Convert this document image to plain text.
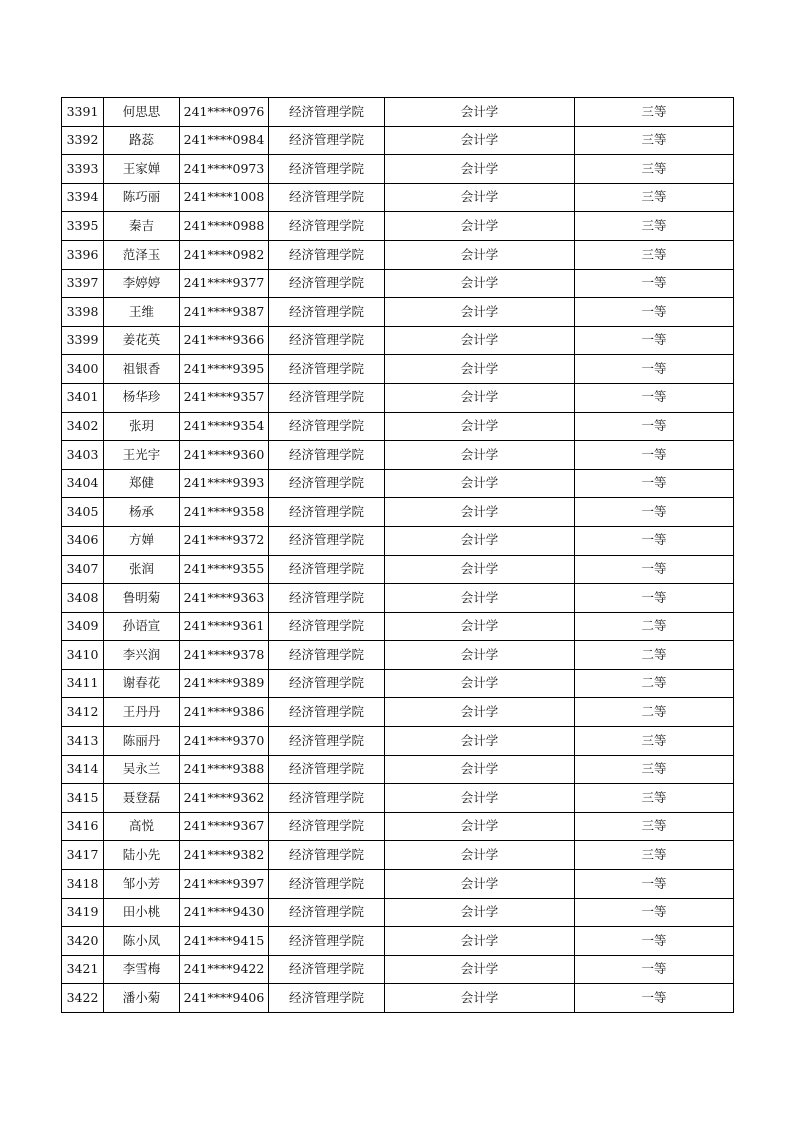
3391	何思思	241****0976	经济管理学院	会计学	三等
3392	路蕊	241****0984	经济管理学院	会计学	三等
3393	王家婵	241****0973	经济管理学院	会计学	三等
3394	陈巧丽	241****1008	经济管理学院	会计学	三等
3395	秦吉	241****0988	经济管理学院	会计学	三等
3396	范泽玉	241****0982	经济管理学院	会计学	三等
3397	李婷婷	241****9377	经济管理学院	会计学	一等
3398	王维	241****9387	经济管理学院	会计学	一等
3399	姜花英	241****9366	经济管理学院	会计学	一等
3400	祖银香	241****9395	经济管理学院	会计学	一等
3401	杨华珍	241****9357	经济管理学院	会计学	一等
3402	张玥	241****9354	经济管理学院	会计学	一等
3403	王光宇	241****9360	经济管理学院	会计学	一等
3404	郑健	241****9393	经济管理学院	会计学	一等
3405	杨承	241****9358	经济管理学院	会计学	一等
3406	方婵	241****9372	经济管理学院	会计学	一等
3407	张润	241****9355	经济管理学院	会计学	一等
3408	鲁明菊	241****9363	经济管理学院	会计学	一等
3409	孙语宣	241****9361	经济管理学院	会计学	二等
3410	李兴润	241****9378	经济管理学院	会计学	二等
3411	谢春花	241****9389	经济管理学院	会计学	二等
3412	王丹丹	241****9386	经济管理学院	会计学	二等
3413	陈丽丹	241****9370	经济管理学院	会计学	三等
3414	吴永兰	241****9388	经济管理学院	会计学	三等
3415	聂登磊	241****9362	经济管理学院	会计学	三等
3416	高悦	241****9367	经济管理学院	会计学	三等
3417	陆小先	241****9382	经济管理学院	会计学	三等
3418	邹小芳	241****9397	经济管理学院	会计学	一等
3419	田小桃	241****9430	经济管理学院	会计学	一等
3420	陈小凤	241****9415	经济管理学院	会计学	一等
3421	李雪梅	241****9422	经济管理学院	会计学	一等
3422	潘小菊	241****9406	经济管理学院	会计学	一等
